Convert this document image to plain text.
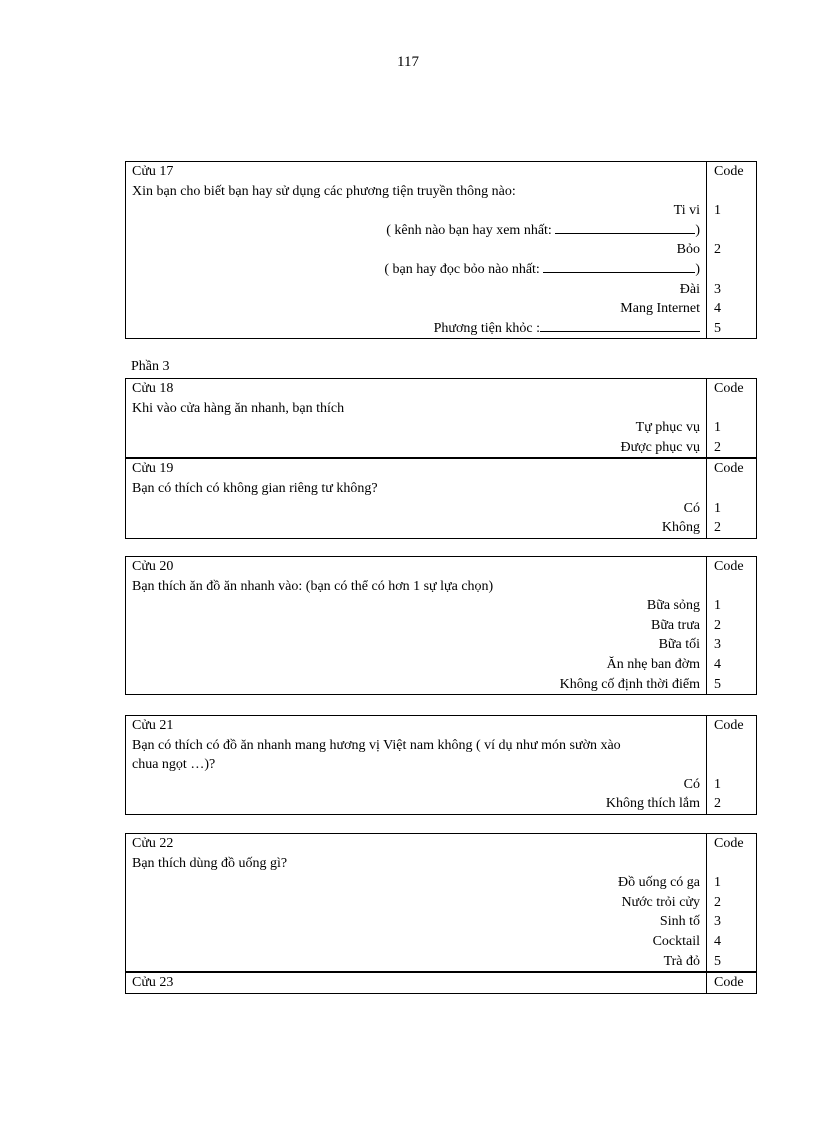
117
Cửu 17	Code
Xin bạn cho biết bạn hay sử dụng các phương tiện truyền thông nào:	
Ti vi	1
( kênh nào bạn hay xem nhất: )	
Bỏo	2
( bạn hay đọc bỏo nào nhất: )	
Đài	3
Mang Internet	4
Phương tiện khỏc :	5
Phần 3
Cửu 18	Code
Khi vào cửa hàng ăn nhanh, bạn thích	
Tự phục vụ	1
Được phục vụ	2
Cửu 19	Code
Bạn có thích có không gian riêng tư không?	
Có	1
Không	2
Cửu 20	Code
Bạn thích ăn đồ ăn nhanh vào: (bạn có thể có hơn 1 sự lựa chọn)	
Bữa sỏng	1
Bữa trưa	2
Bữa tối	3
Ăn nhẹ ban đờm	4
Không cố định thời điểm	5
Cửu 21	Code
Bạn có thích có đồ ăn nhanh mang hương vị Việt nam không ( ví dụ như món sườn xào	
chua ngọt …)?	
Có	1
Không thích lắm	2
Cửu 22	Code
Bạn thích dùng đồ uống gì?	
Đồ uống có ga	1
Nước trỏi cửy	2
Sinh tố	3
Cocktail	4
Trà đỏ	5
Cửu 23	Code
